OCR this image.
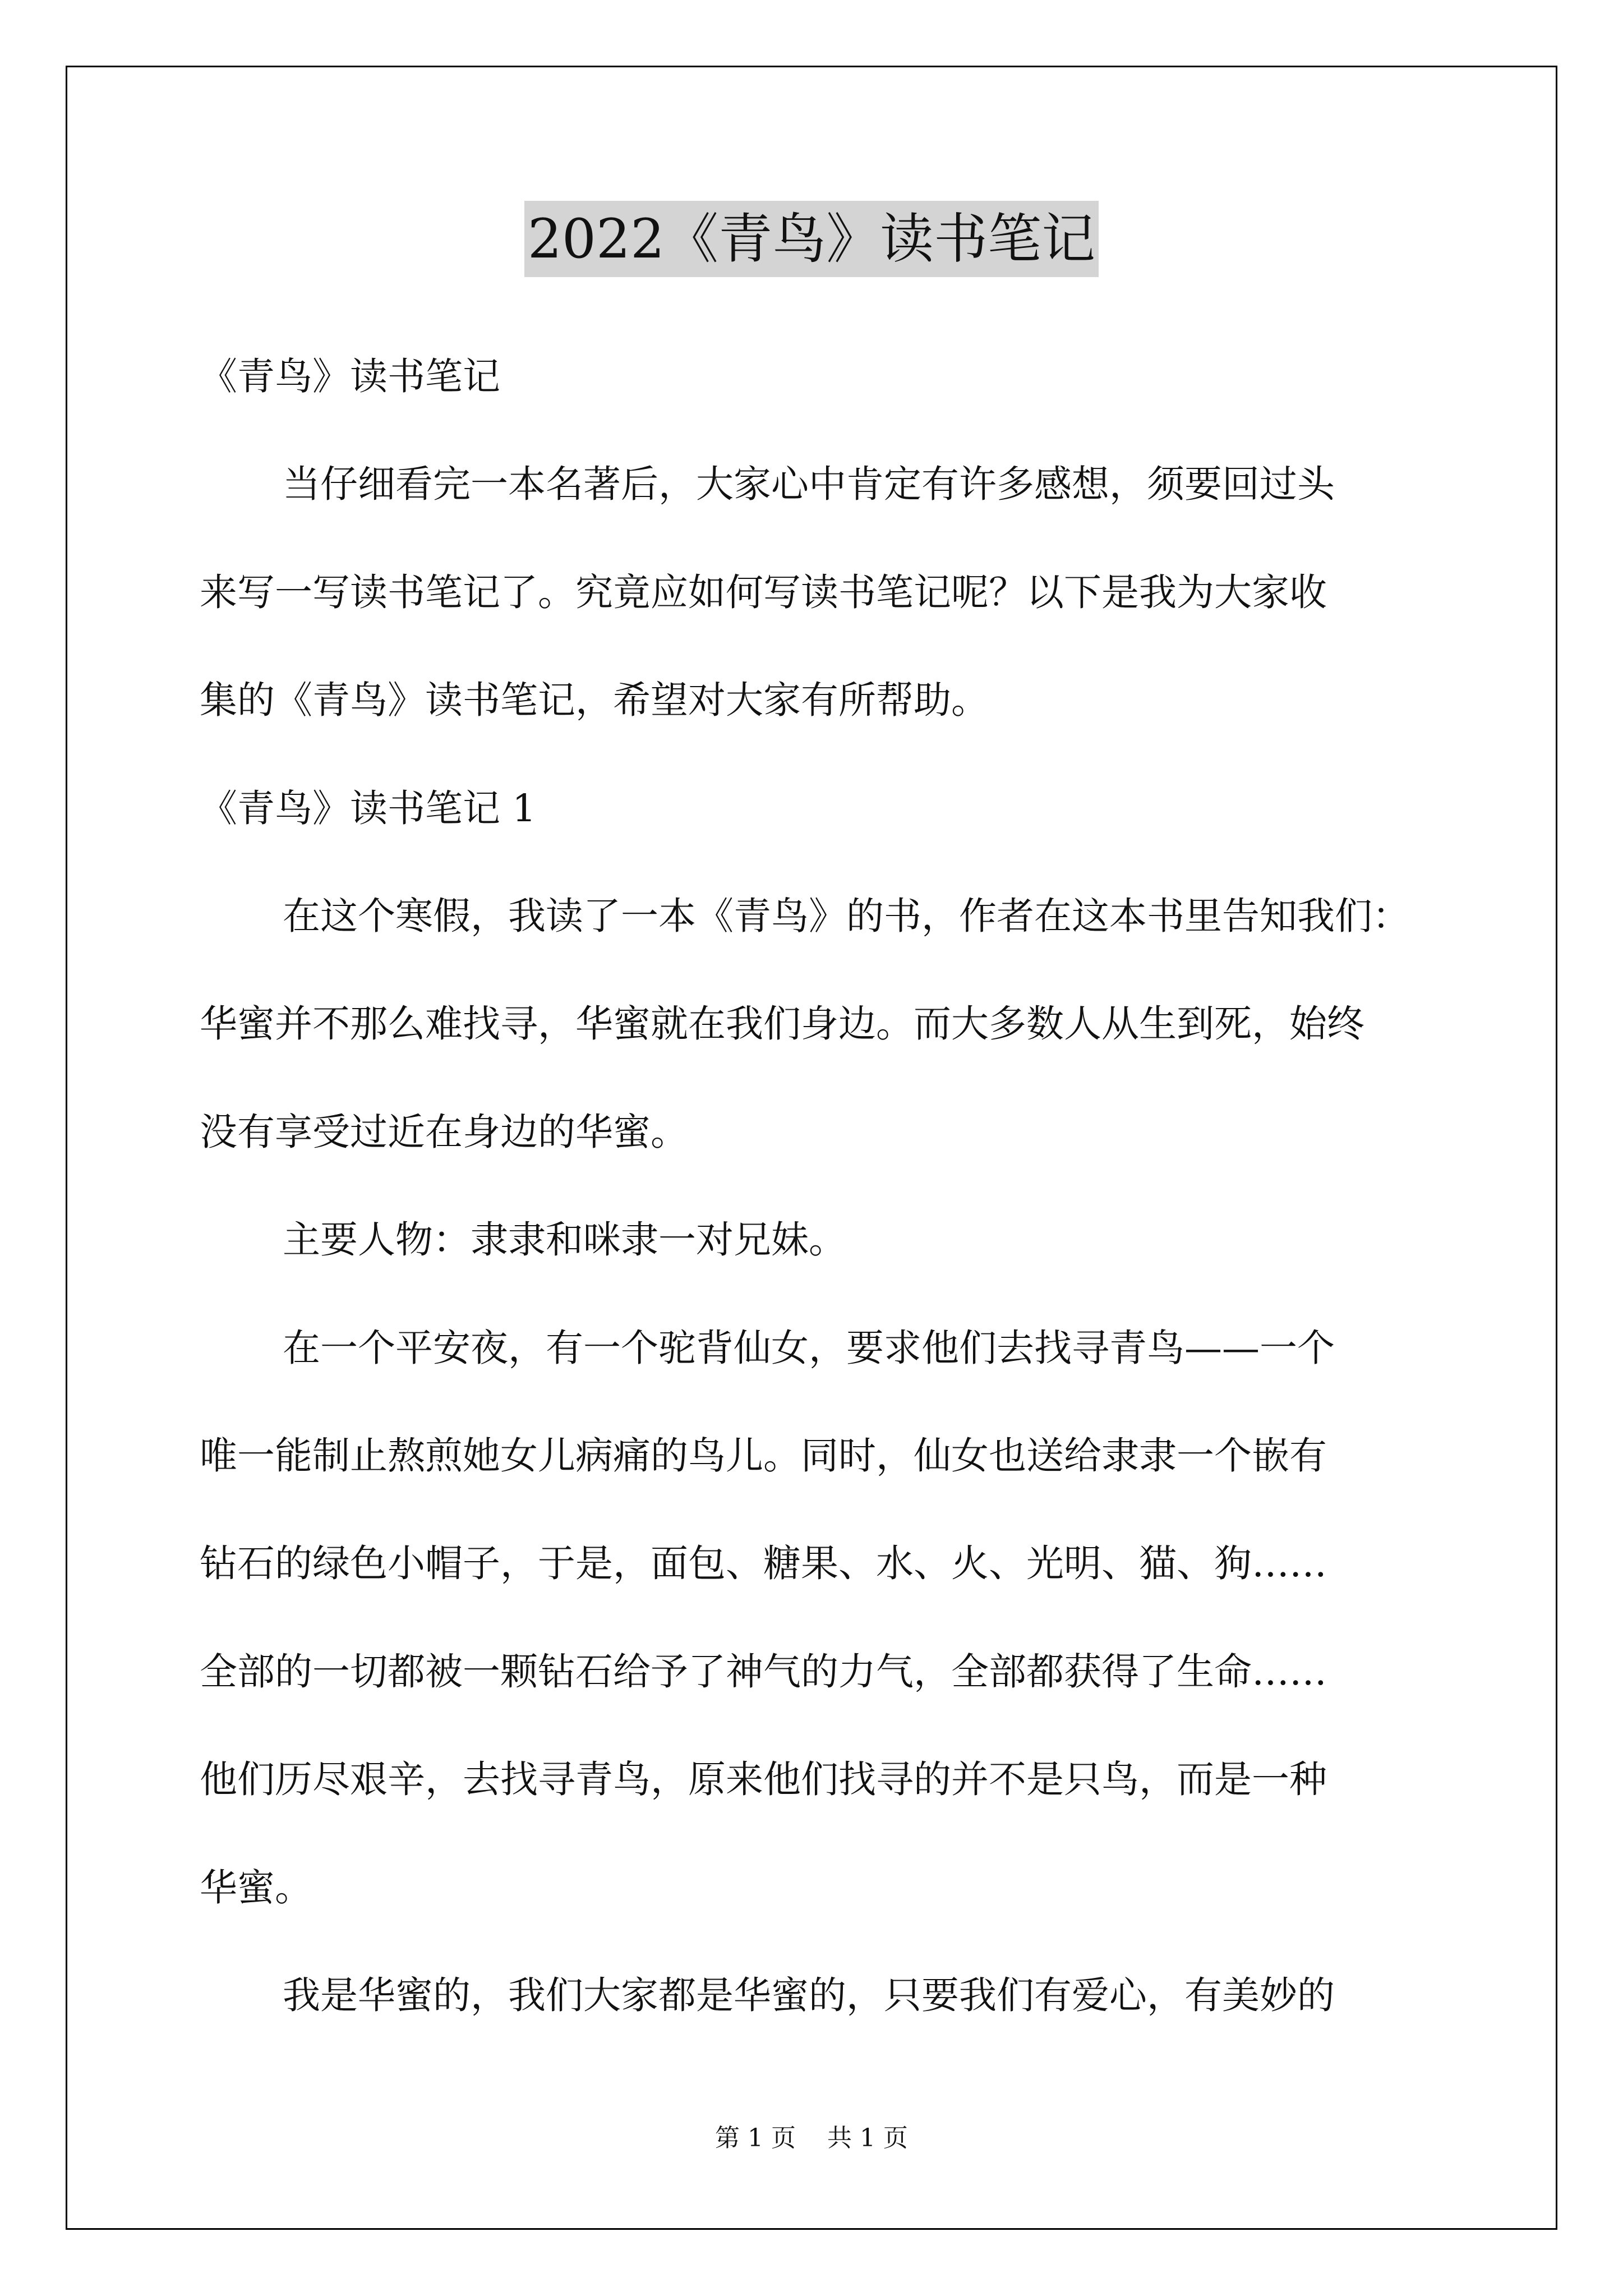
2022《青鸟》读书笔记
《青鸟》读书笔记
当仔细看完一本名著后，大家心中肯定有许多感想，须要回过头
来写一写读书笔记了。究竟应如何写读书笔记呢？以下是我为大家收
集的《青鸟》读书笔记，希望对大家有所帮助。
《青鸟》读书笔记 1
在这个寒假，我读了一本《青鸟》的书，作者在这本书里告知我们：
华蜜并不那么难找寻，华蜜就在我们身边。而大多数人从生到死，始终
没有享受过近在身边的华蜜。
主要人物：隶隶和咪隶一对兄妹。
在一个平安夜，有一个驼背仙女，要求他们去找寻青鸟——一个
唯一能制止熬煎她女儿病痛的鸟儿。同时，仙女也送给隶隶一个嵌有
钻石的绿色小帽子，于是，面包、糖果、水、火、光明、猫、狗……
全部的一切都被一颗钻石给予了神气的力气，全部都获得了生命……
他们历尽艰辛，去找寻青鸟，原来他们找寻的并不是只鸟，而是一种
华蜜。
我是华蜜的，我们大家都是华蜜的，只要我们有爱心，有美妙的
第 1 页    共 1 页
